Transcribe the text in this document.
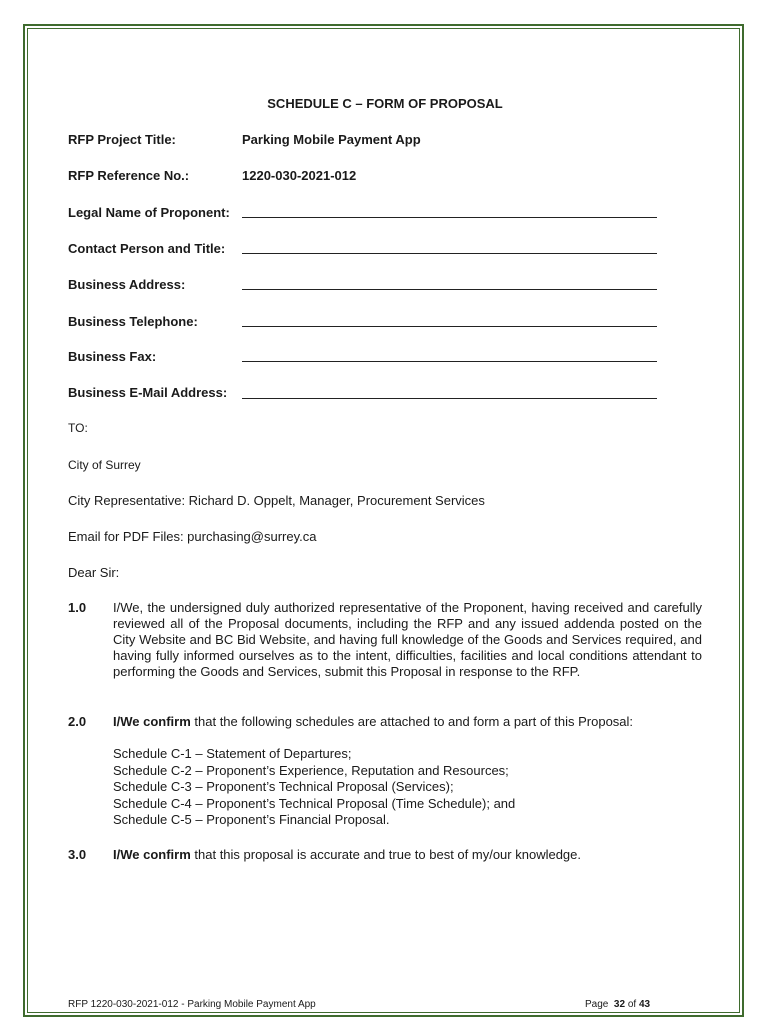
SCHEDULE C – FORM OF PROPOSAL
RFP Project Title:	Parking Mobile Payment App
RFP Reference No.:	1220-030-2021-012
Legal Name of Proponent:
Contact Person and Title:
Business Address:
Business Telephone:
Business Fax:
Business E-Mail Address:
TO:
City of Surrey
City Representative: Richard D. Oppelt, Manager, Procurement Services
Email for PDF Files: purchasing@surrey.ca
Dear Sir:
1.0 I/We, the undersigned duly authorized representative of the Proponent, having received and carefully reviewed all of the Proposal documents, including the RFP and any issued addenda posted on the City Website and BC Bid Website, and having full knowledge of the Goods and Services required, and having fully informed ourselves as to the intent, difficulties, facilities and local conditions attendant to performing the Goods and Services, submit this Proposal in response to the RFP.
2.0 I/We confirm that the following schedules are attached to and form a part of this Proposal:
Schedule C-1 – Statement of Departures;
Schedule C-2 – Proponent’s Experience, Reputation and Resources;
Schedule C-3 – Proponent’s Technical Proposal (Services);
Schedule C-4 – Proponent’s Technical Proposal (Time Schedule); and
Schedule C-5 – Proponent’s Financial Proposal.
3.0 I/We confirm that this proposal is accurate and true to best of my/our knowledge.
RFP 1220-030-2021-012 - Parking Mobile Payment App	Page 32 of 43
